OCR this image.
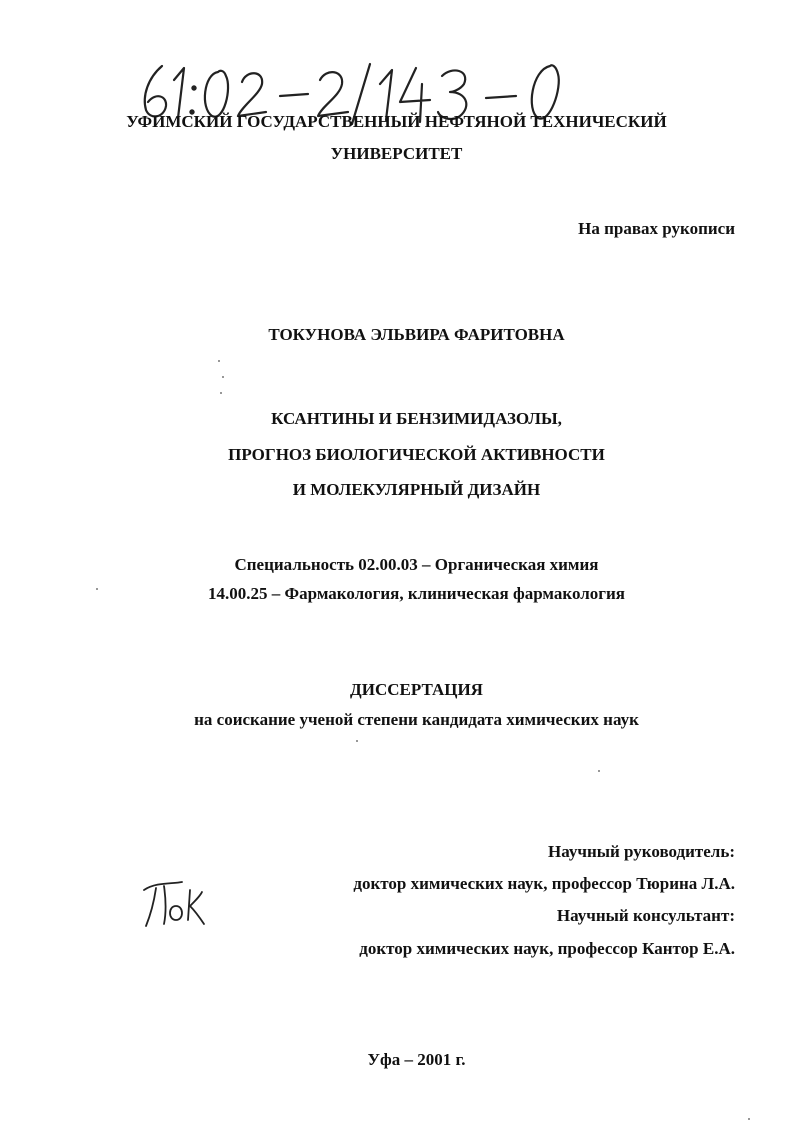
УФИМСКИЙ ГОСУДАРСТВЕННЫЙ НЕФТЯНОЙ ТЕХНИЧЕСКИЙ
УНИВЕРСИТЕТ
На правах рукописи
ТОКУНОВА ЭЛЬВИРА ФАРИТОВНА
КСАНТИНЫ И БЕНЗИМИДАЗОЛЫ,
ПРОГНОЗ БИОЛОГИЧЕСКОЙ АКТИВНОСТИ
И МОЛЕКУЛЯРНЫЙ ДИЗАЙН
Специальность 02.00.03 – Органическая химия
14.00.25 – Фармакология, клиническая фармакология
ДИССЕРТАЦИЯ
на соискание ученой степени кандидата химических наук
Научный руководитель:
доктор химических наук, профессор Тюрина Л.А.
Научный консультант:
доктор химических наук, профессор Кантор Е.А.
Уфа – 2001 г.
